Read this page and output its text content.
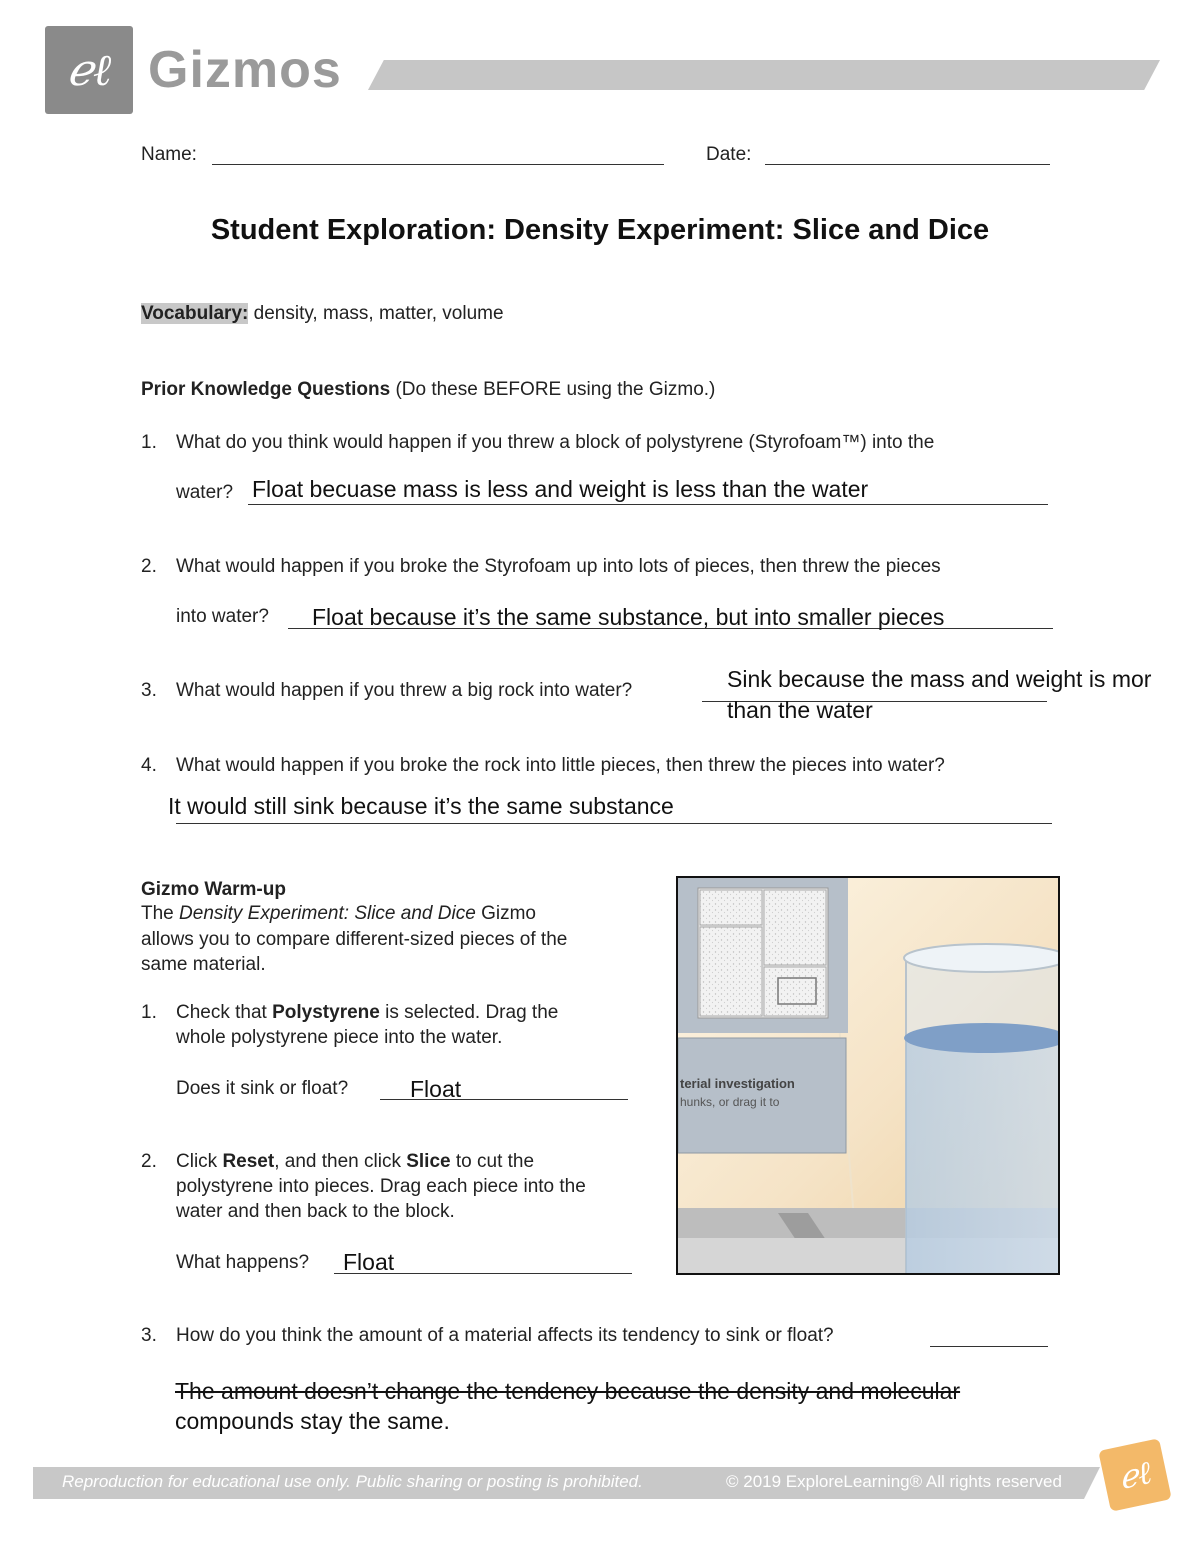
ℯℓ Gizmos
Name:	Date:
Student Exploration: Density Experiment: Slice and Dice
Vocabulary: density, mass, matter, volume
Prior Knowledge Questions (Do these BEFORE using the Gizmo.)
1. What do you think would happen if you threw a block of polystyrene (Styrofoam™) into the
water? Float becuase mass is less and weight is less than the water
2. What would happen if you broke the Styrofoam up into lots of pieces, then threw the pieces
into water? Float because it’s the same substance, but into smaller pieces
3. What would happen if you threw a big rock into water?	Sink because the mass and weight is mor
than the water
4. What would happen if you broke the rock into little pieces, then threw the pieces into water?
It would still sink because it’s the same substance
Gizmo Warm-up
The Density Experiment: Slice and Dice Gizmo
allows you to compare different-sized pieces of the
same material.
1. Check that Polystyrene is selected. Drag the
whole polystyrene piece into the water.
Does it sink or float?	Float
2. Click Reset, and then click Slice to cut the
polystyrene into pieces. Drag each piece into the
water and then back to the block.
What happens? Float
terial investigation
hunks, or drag it to
3. How do you think the amount of a material affects its tendency to sink or float?
The amount doesn’t change the tendency because the density and molecular
compounds stay the same.
Reproduction for educational use only. Public sharing or posting is prohibited.	© 2019 ExploreLearning® All rights reserved ℯℓ
